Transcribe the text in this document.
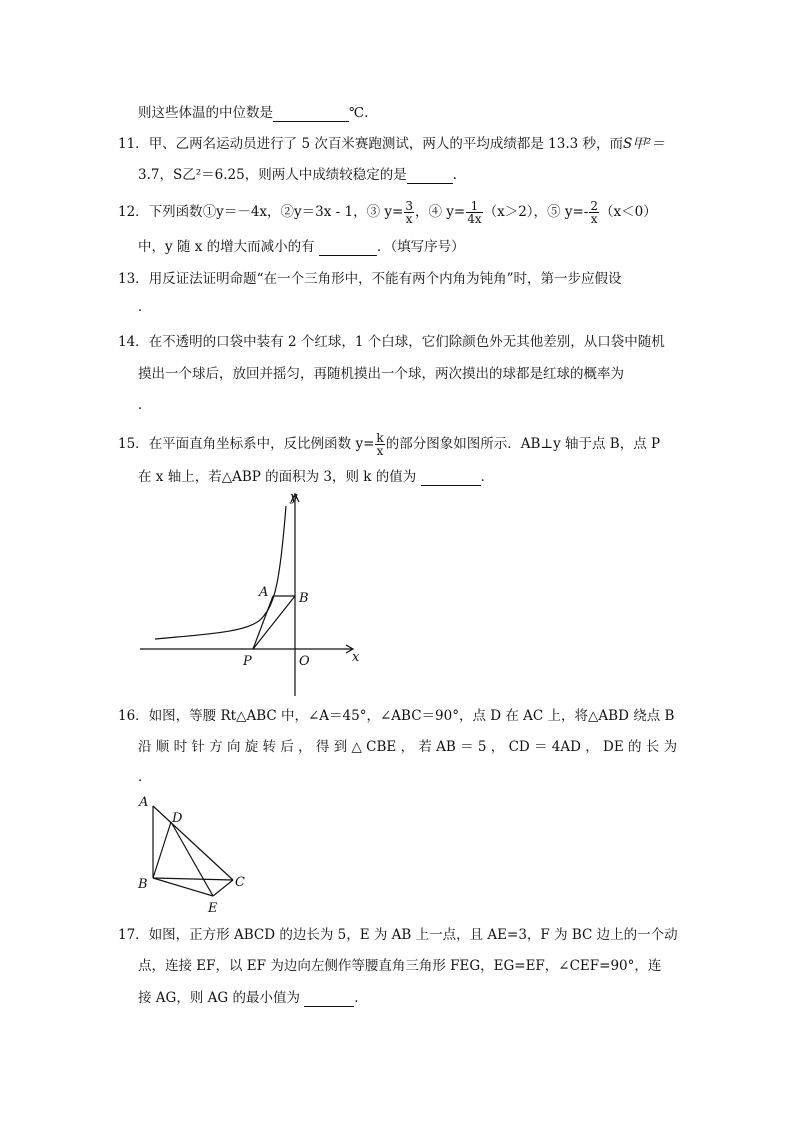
则这些体温的中位数是	℃.
11．甲、乙两名运动员进行了 5 次百米赛跑测试，两人的平均成绩都是 13.3 秒，而S甲²＝
3.7，S乙²＝6.25，则两人中成绩较稳定的是	．
12．下列函数①y＝－4x，②y＝3x - 1，③ $y= \frac{3}{x}$ ，④ $y= \frac{1}{4x} (x>2)$，⑤ $y=- \frac{2}{x} (x<0)$
中，y 随 x 的增大而减小的有	．（填写序号）
13．用反证法证明命题“在一个三角形中，不能有两个内角为钝角”时，第一步应假设
．
14．在不透明的口袋中装有 2 个红球，1 个白球，它们除颜色外无其他差别，从口袋中随机
摸出一个球后，放回并摇匀，再随机摸出一个球，两次摸出的球都是红球的概率为
．
15．在平面直角坐标系中，反比例函数 $y= \frac{k}{x}$ 的部分图象如图所示．AB⊥y 轴于点 B，点 P
在 x 轴上，若△ABP 的面积为 3，则 k 的值为	．
y
x
A B
P	O
16．如图，等腰 Rt△ABC 中，∠A＝45°，∠ABC＝90°，点 D 在 AC 上，将△ABD 绕点 B
沿 顺 时 针 方 向 旋 转 后 ， 得 到 △ CBE ， 若 AB ＝ 5 ， CD ＝ 4AD ， DE 的 长 为
．
A
D
B	C
E
17．如图，正方形 ABCD 的边长为 5，E 为 AB 上一点，且 AE=3，F 为 BC 边上的一个动
点，连接 EF，以 EF 为边向左侧作等腰直角三角形 FEG，EG=EF，∠CEF=90°，连
接 AG，则 AG 的最小值为	．
